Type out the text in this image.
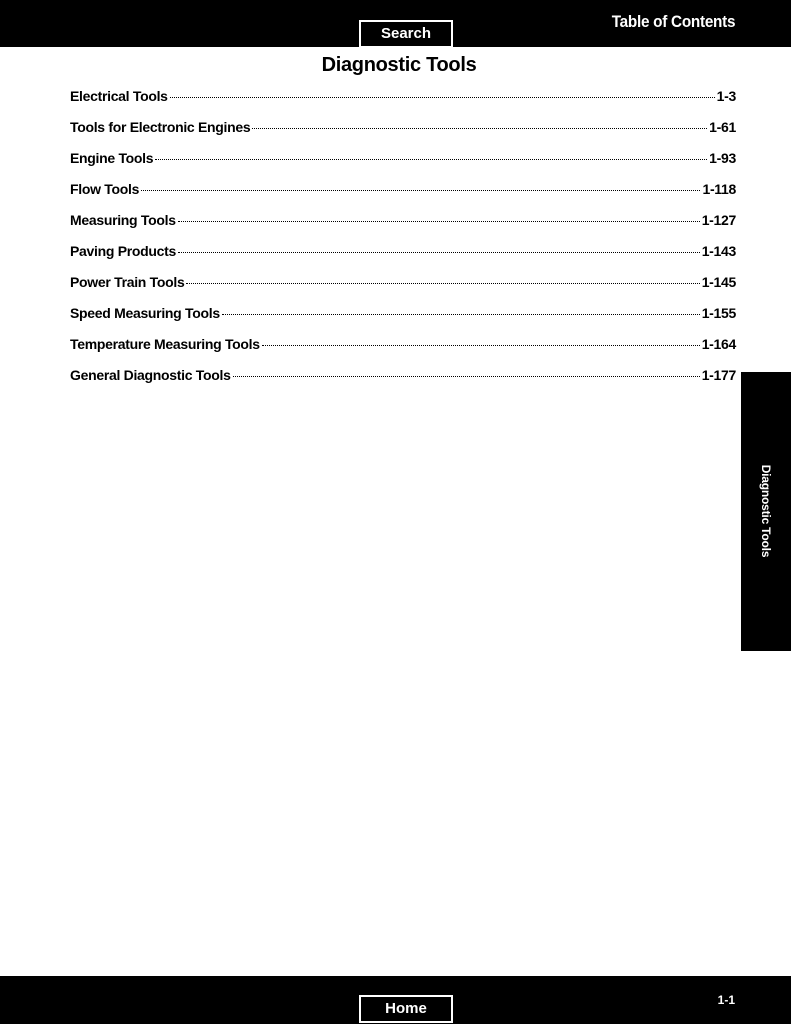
Search
Table of Contents
Diagnostic Tools
Electrical Tools	1-3
Tools for Electronic Engines	1-61
Engine Tools	1-93
Flow Tools	1-118
Measuring Tools	1-127
Paving Products	1-143
Power Train Tools	1-145
Speed Measuring Tools	1-155
Temperature Measuring Tools	1-164
General Diagnostic Tools	1-177
Diagnostic Tools
Home	1-1
